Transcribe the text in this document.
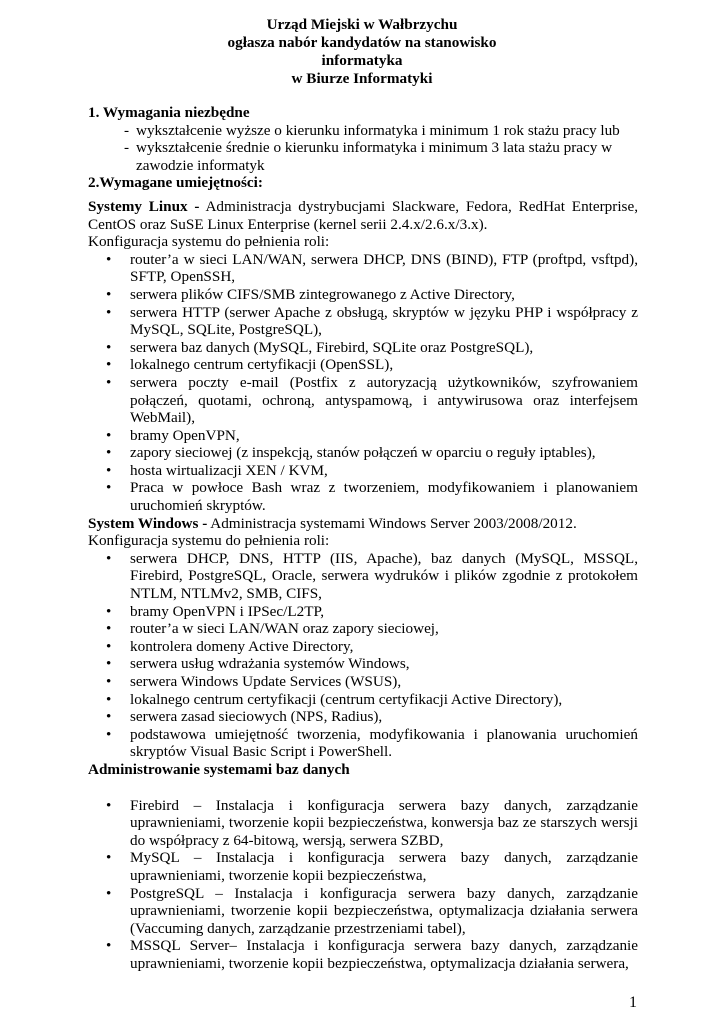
Urząd Miejski w Wałbrzychu
ogłasza nabór kandydatów na stanowisko
informatyka
w Biurze Informatyki
1. Wymagania niezbędne
- wykształcenie wyższe o kierunku informatyka i minimum 1 rok stażu pracy lub
- wykształcenie średnie o kierunku informatyka i minimum 3 lata stażu pracy w zawodzie informatyk
2.Wymagane umiejętności:
Systemy Linux - Administracja dystrybucjami Slackware, Fedora, RedHat Enterprise, CentOS oraz SuSE Linux Enterprise (kernel serii 2.4.x/2.6.x/3.x).
Konfiguracja systemu do pełnienia roli:
• router’a w sieci LAN/WAN, serwera DHCP, DNS (BIND), FTP (proftpd, vsftpd), SFTP, OpenSSH,
• serwera plików CIFS/SMB zintegrowanego z Active Directory,
• serwera HTTP (serwer Apache z obsługą, skryptów w języku PHP i współpracy z MySQL, SQLite, PostgreSQL),
• serwera baz danych (MySQL, Firebird, SQLite oraz PostgreSQL),
• lokalnego centrum certyfikacji (OpenSSL),
• serwera poczty e-mail (Postfix z autoryzacją użytkowników, szyfrowaniem połączeń, quotami, ochroną, antyspamową, i antywirusowa oraz interfejsem WebMail),
• bramy OpenVPN,
• zapory sieciowej (z inspekcją, stanów połączeń w oparciu o reguły iptables),
• hosta wirtualizacji XEN / KVM,
• Praca w powłoce Bash wraz z tworzeniem, modyfikowaniem i planowaniem uruchomień skryptów.
System Windows - Administracja systemami Windows Server 2003/2008/2012.
Konfiguracja systemu do pełnienia roli:
• serwera DHCP, DNS, HTTP (IIS, Apache), baz danych (MySQL, MSSQL, Firebird, PostgreSQL, Oracle, serwera wydruków i plików zgodnie z protokołem NTLM, NTLMv2, SMB, CIFS,
• bramy OpenVPN i IPSec/L2TP,
• router’a w sieci LAN/WAN oraz zapory sieciowej,
• kontrolera domeny Active Directory,
• serwera usług wdrażania systemów Windows,
• serwera Windows Update Services (WSUS),
• lokalnego centrum certyfikacji (centrum certyfikacji Active Directory),
• serwera zasad sieciowych (NPS, Radius),
• podstawowa umiejętność tworzenia, modyfikowania i planowania uruchomień skryptów Visual Basic Script i PowerShell.
Administrowanie systemami baz danych
• Firebird – Instalacja i konfiguracja serwera bazy danych, zarządzanie uprawnieniami, tworzenie kopii bezpieczeństwa, konwersja baz ze starszych wersji do współpracy z 64-bitową, wersją, serwera SZBD,
• MySQL – Instalacja i konfiguracja serwera bazy danych, zarządzanie uprawnieniami, tworzenie kopii bezpieczeństwa,
• PostgreSQL – Instalacja i konfiguracja serwera bazy danych, zarządzanie uprawnieniami, tworzenie kopii bezpieczeństwa, optymalizacja działania serwera (Vaccuming danych, zarządzanie przestrzeniami tabel),
• MSSQL Server– Instalacja i konfiguracja serwera bazy danych, zarządzanie uprawnieniami, tworzenie kopii bezpieczeństwa, optymalizacja działania serwera,
1
